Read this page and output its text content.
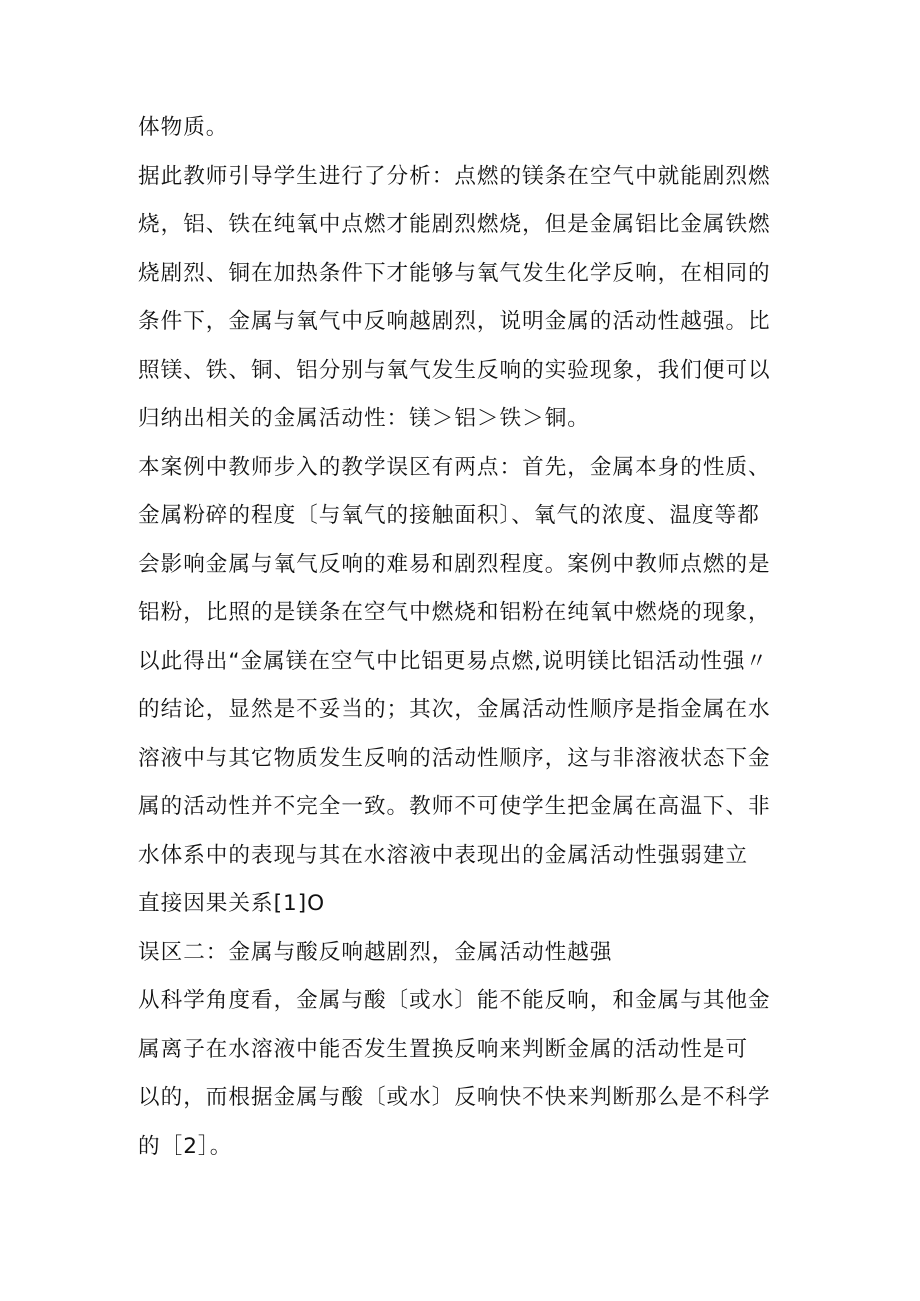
体物质。

据此教师引导学生进行了分析：点燃的镁条在空气中就能剧烈燃
烧，铝、铁在纯氧中点燃才能剧烈燃烧，但是金属铝比金属铁燃
烧剧烈、铜在加热条件下才能够与氧气发生化学反响，在相同的
条件下，金属与氧气中反响越剧烈，说明金属的活动性越强。比
照镁、铁、铜、铝分别与氧气发生反响的实验现象，我们便可以
归纳出相关的金属活动性：镁＞铝＞铁＞铜。

本案例中教师步入的教学误区有两点：首先，金属本身的性质、
金属粉碎的程度〔与氧气的接触面积〕、氧气的浓度、温度等都
会影响金属与氧气反响的难易和剧烈程度。案例中教师点燃的是
铝粉，比照的是镁条在空气中燃烧和铝粉在纯氧中燃烧的现象，
以此得出“金属镁在空气中比铝更易点燃,说明镁比铝活动性强〃
的结论，显然是不妥当的；其次，金属活动性顺序是指金属在水
溶液中与其它物质发生反响的活动性顺序，这与非溶液状态下金
属的活动性并不完全一致。教师不可使学生把金属在高温下、非
水体系中的表现与其在水溶液中表现出的金属活动性强弱建立
直接因果关系[1]O

误区二：金属与酸反响越剧烈，金属活动性越强

从科学角度看，金属与酸〔或水〕能不能反响，和金属与其他金
属离子在水溶液中能否发生置换反响来判断金属的活动性是可
以的，而根据金属与酸〔或水〕反响快不快来判断那么是不科学
的［2］。
